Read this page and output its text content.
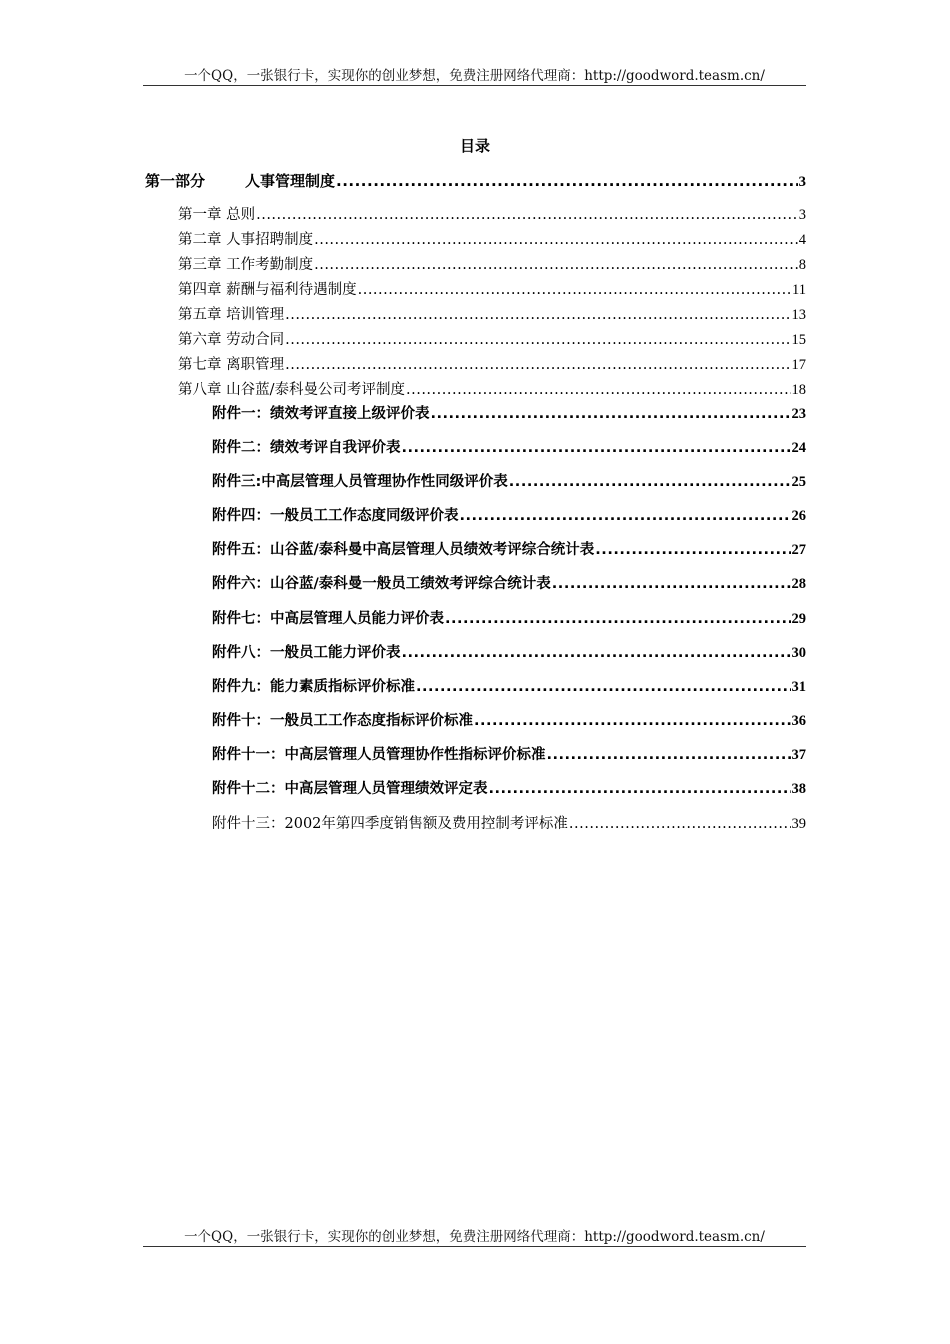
一个QQ，一张银行卡，实现你的创业梦想，免费注册网络代理商：http://goodword.teasm.cn/
目录
第一部分	人事管理制度 .....	3
第一章 总则 .....	3
第二章 人事招聘制度 .....	4
第三章 工作考勤制度 .....	8
第四章 薪酬与福利待遇制度 .....	11
第五章 培训管理 .....	13
第六章 劳动合同 .....	15
第七章 离职管理 .....	17
第八章 山谷蓝/泰科曼公司考评制度 .....	18
附件一：绩效考评直接上级评价表 .....	23
附件二：绩效考评自我评价表 .....	24
附件三:中高层管理人员管理协作性同级评价表 .....	25
附件四：一般员工工作态度同级评价表 .....	26
附件五：山谷蓝/泰科曼中高层管理人员绩效考评综合统计表 .....	27
附件六：山谷蓝/泰科曼一般员工绩效考评综合统计表 .....	28
附件七：中高层管理人员能力评价表 .....	29
附件八：一般员工能力评价表 .....	30
附件九：能力素质指标评价标准 .....	31
附件十：一般员工工作态度指标评价标准 .....	36
附件十一：中高层管理人员管理协作性指标评价标准 .....	37
附件十二：中高层管理人员管理绩效评定表 .....	38
附件十三：2002年第四季度销售额及费用控制考评标准 .....	39
一个QQ，一张银行卡，实现你的创业梦想，免费注册网络代理商：http://goodword.teasm.cn/
